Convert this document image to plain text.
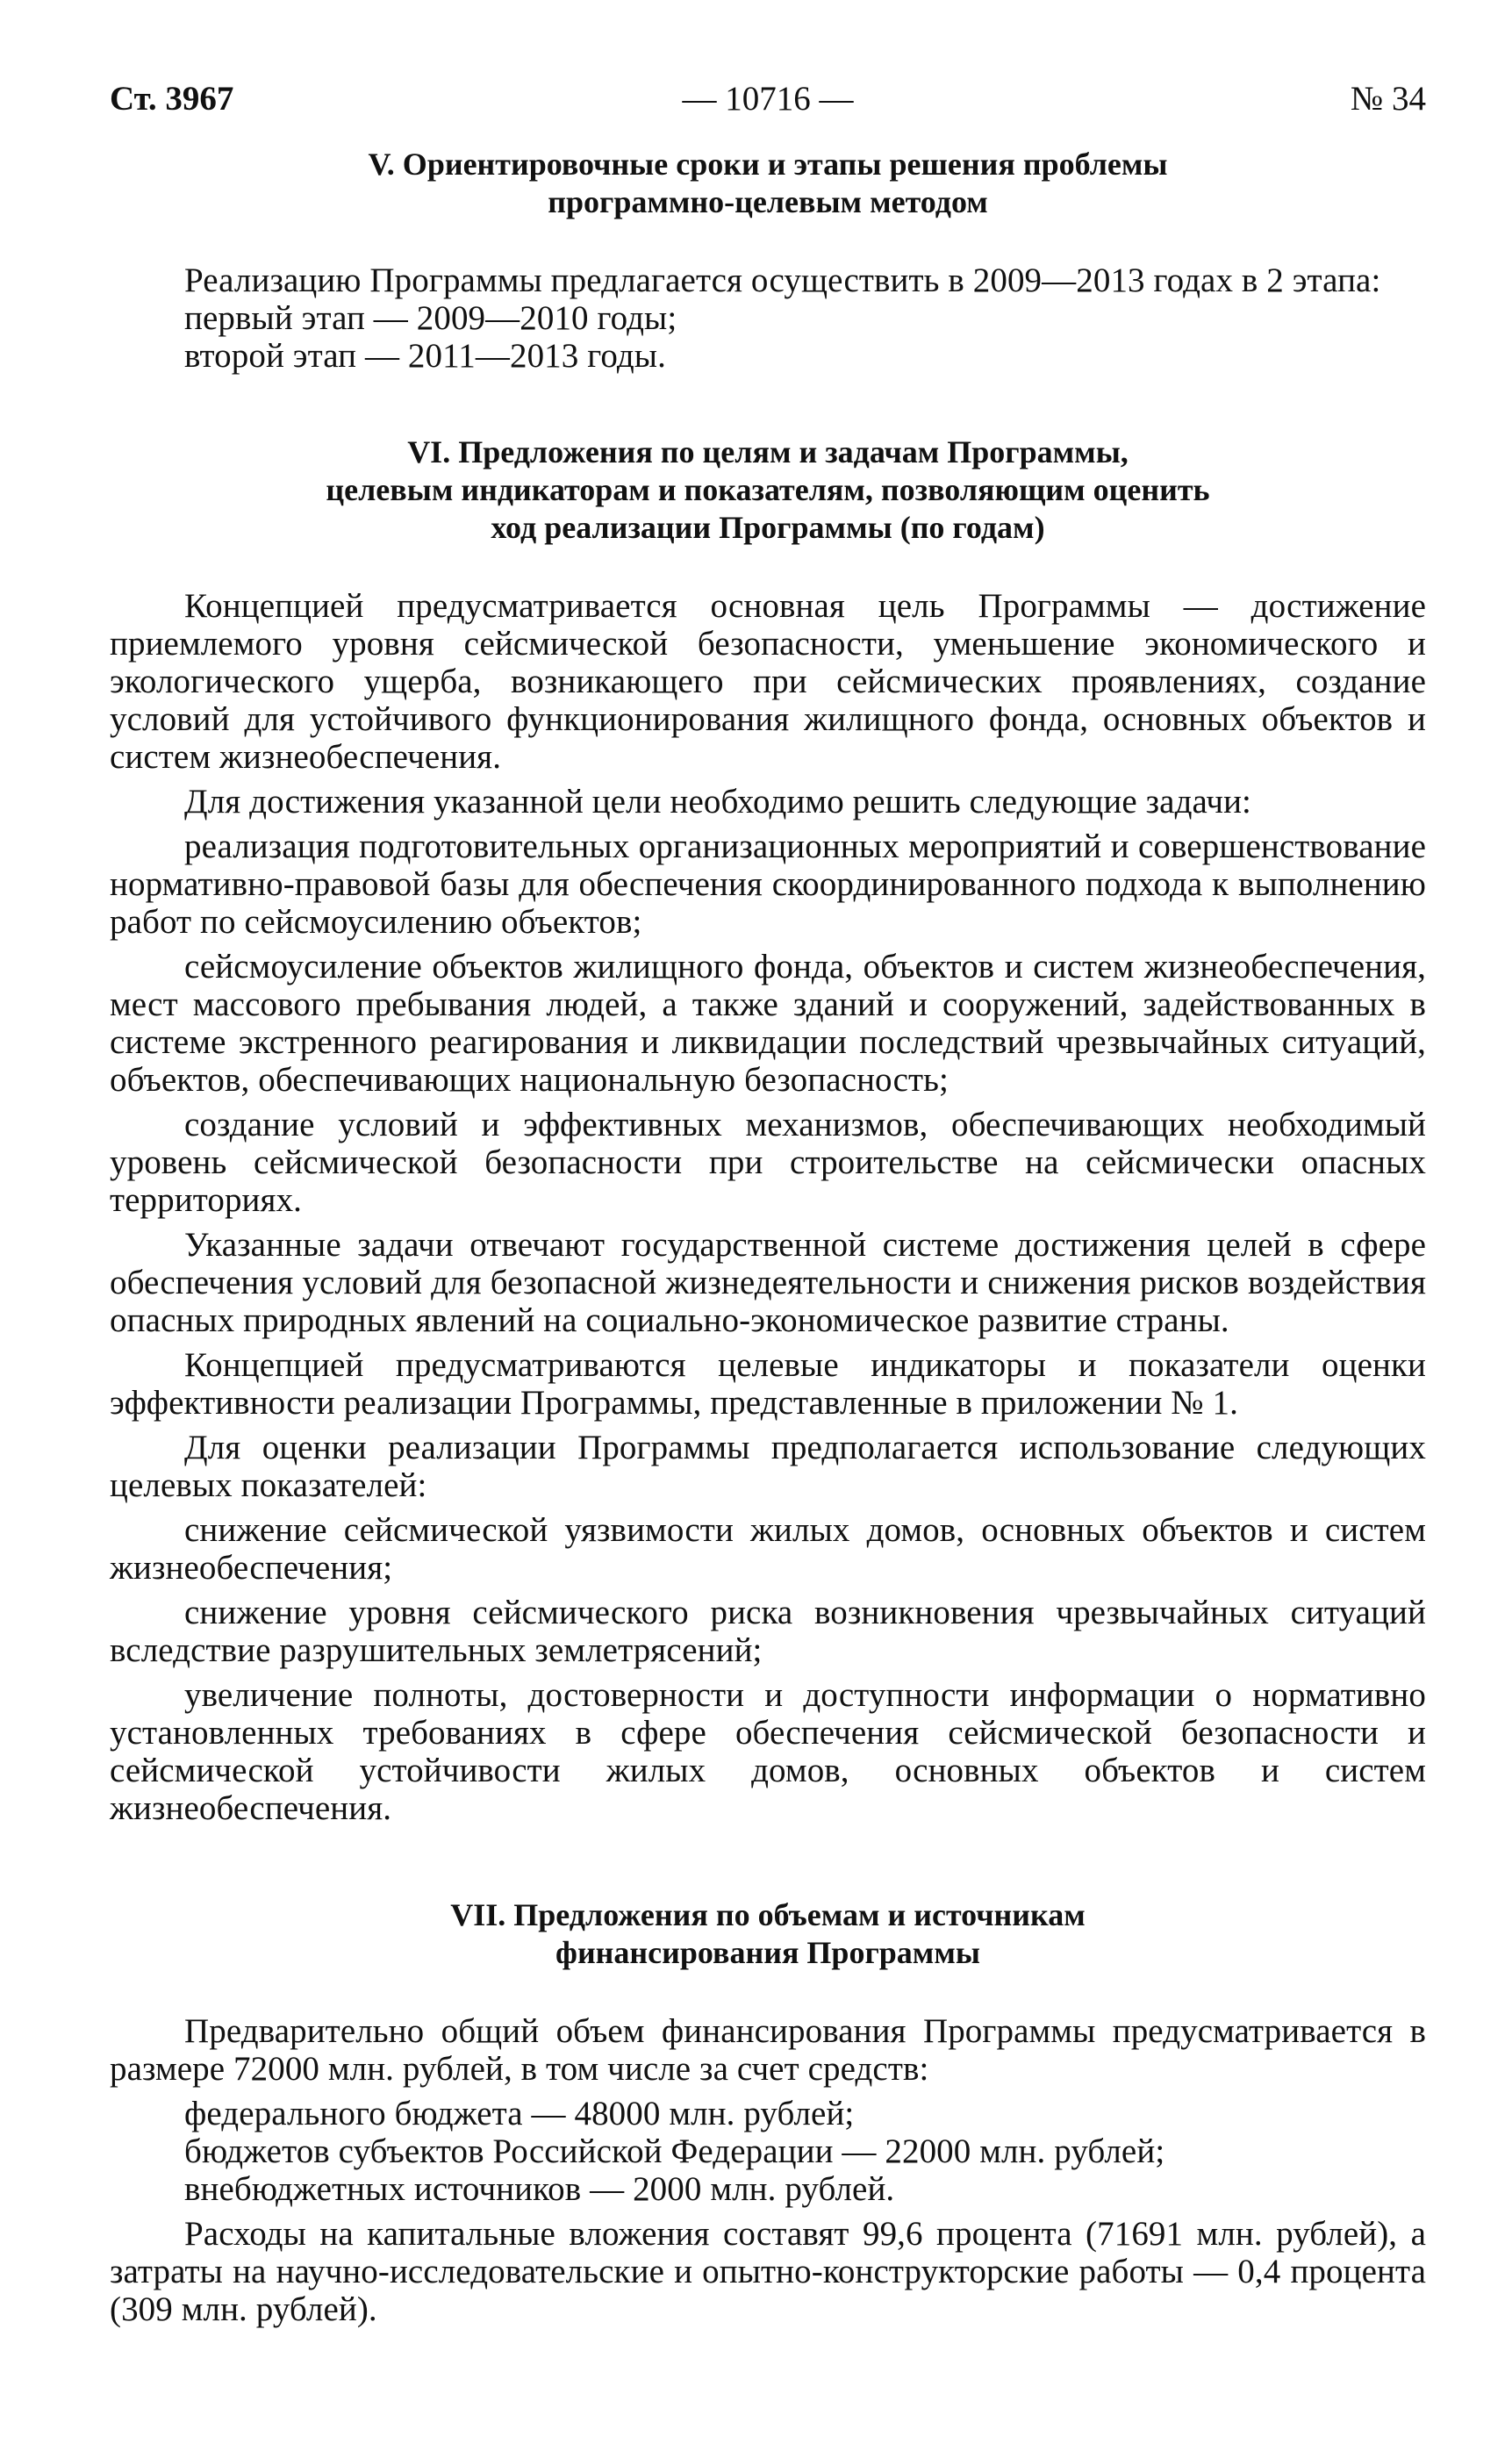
Ст. 3967	— 10716 —	№ 34
V. Ориентировочные сроки и этапы решения проблемы
программно-целевым методом

Реализацию Программы предлагается осуществить в 2009—2013 годах в 2 этапа:

первый этап — 2009—2010 годы;

второй этап — 2011—2013 годы.

VI. Предложения по целям и задачам Программы,
целевым индикаторам и показателям, позволяющим оценить
ход реализации Программы (по годам)

Концепцией предусматривается основная цель Программы — достижение приемлемого уровня сейсмической безопасности, уменьшение экономического и экологического ущерба, возникающего при сейсмических проявлениях, создание условий для устойчивого функционирования жилищного фонда, основных объектов и систем жизнеобеспечения.

Для достижения указанной цели необходимо решить следующие задачи:

реализация подготовительных организационных мероприятий и совершенствование нормативно-правовой базы для обеспечения скоординированного подхода к выполнению работ по сейсмоусилению объектов;

сейсмоусиление объектов жилищного фонда, объектов и систем жизнеобеспечения, мест массового пребывания людей, а также зданий и сооружений, задействованных в системе экстренного реагирования и ликвидации последствий чрезвычайных ситуаций, объектов, обеспечивающих национальную безопасность;

создание условий и эффективных механизмов, обеспечивающих необходимый уровень сейсмической безопасности при строительстве на сейсмически опасных территориях.

Указанные задачи отвечают государственной системе достижения целей в сфере обеспечения условий для безопасной жизнедеятельности и снижения рисков воздействия опасных природных явлений на социально-экономическое развитие страны.

Концепцией предусматриваются целевые индикаторы и показатели оценки эффективности реализации Программы, представленные в приложении № 1.

Для оценки реализации Программы предполагается использование следующих целевых показателей:

снижение сейсмической уязвимости жилых домов, основных объектов и систем жизнеобеспечения;

снижение уровня сейсмического риска возникновения чрезвычайных ситуаций вследствие разрушительных землетрясений;

увеличение полноты, достоверности и доступности информации о нормативно установленных требованиях в сфере обеспечения сейсмической безопасности и сейсмической устойчивости жилых домов, основных объектов и систем жизнеобеспечения.

VII. Предложения по объемам и источникам
финансирования Программы

Предварительно общий объем финансирования Программы предусматривается в размере 72000 млн. рублей, в том числе за счет средств:

федерального бюджета — 48000 млн. рублей;

бюджетов субъектов Российской Федерации — 22000 млн. рублей;

внебюджетных источников — 2000 млн. рублей.

Расходы на капитальные вложения составят 99,6 процента (71691 млн. рублей), а затраты на научно-исследовательские и опытно-конструкторские работы — 0,4 процента (309 млн. рублей).
